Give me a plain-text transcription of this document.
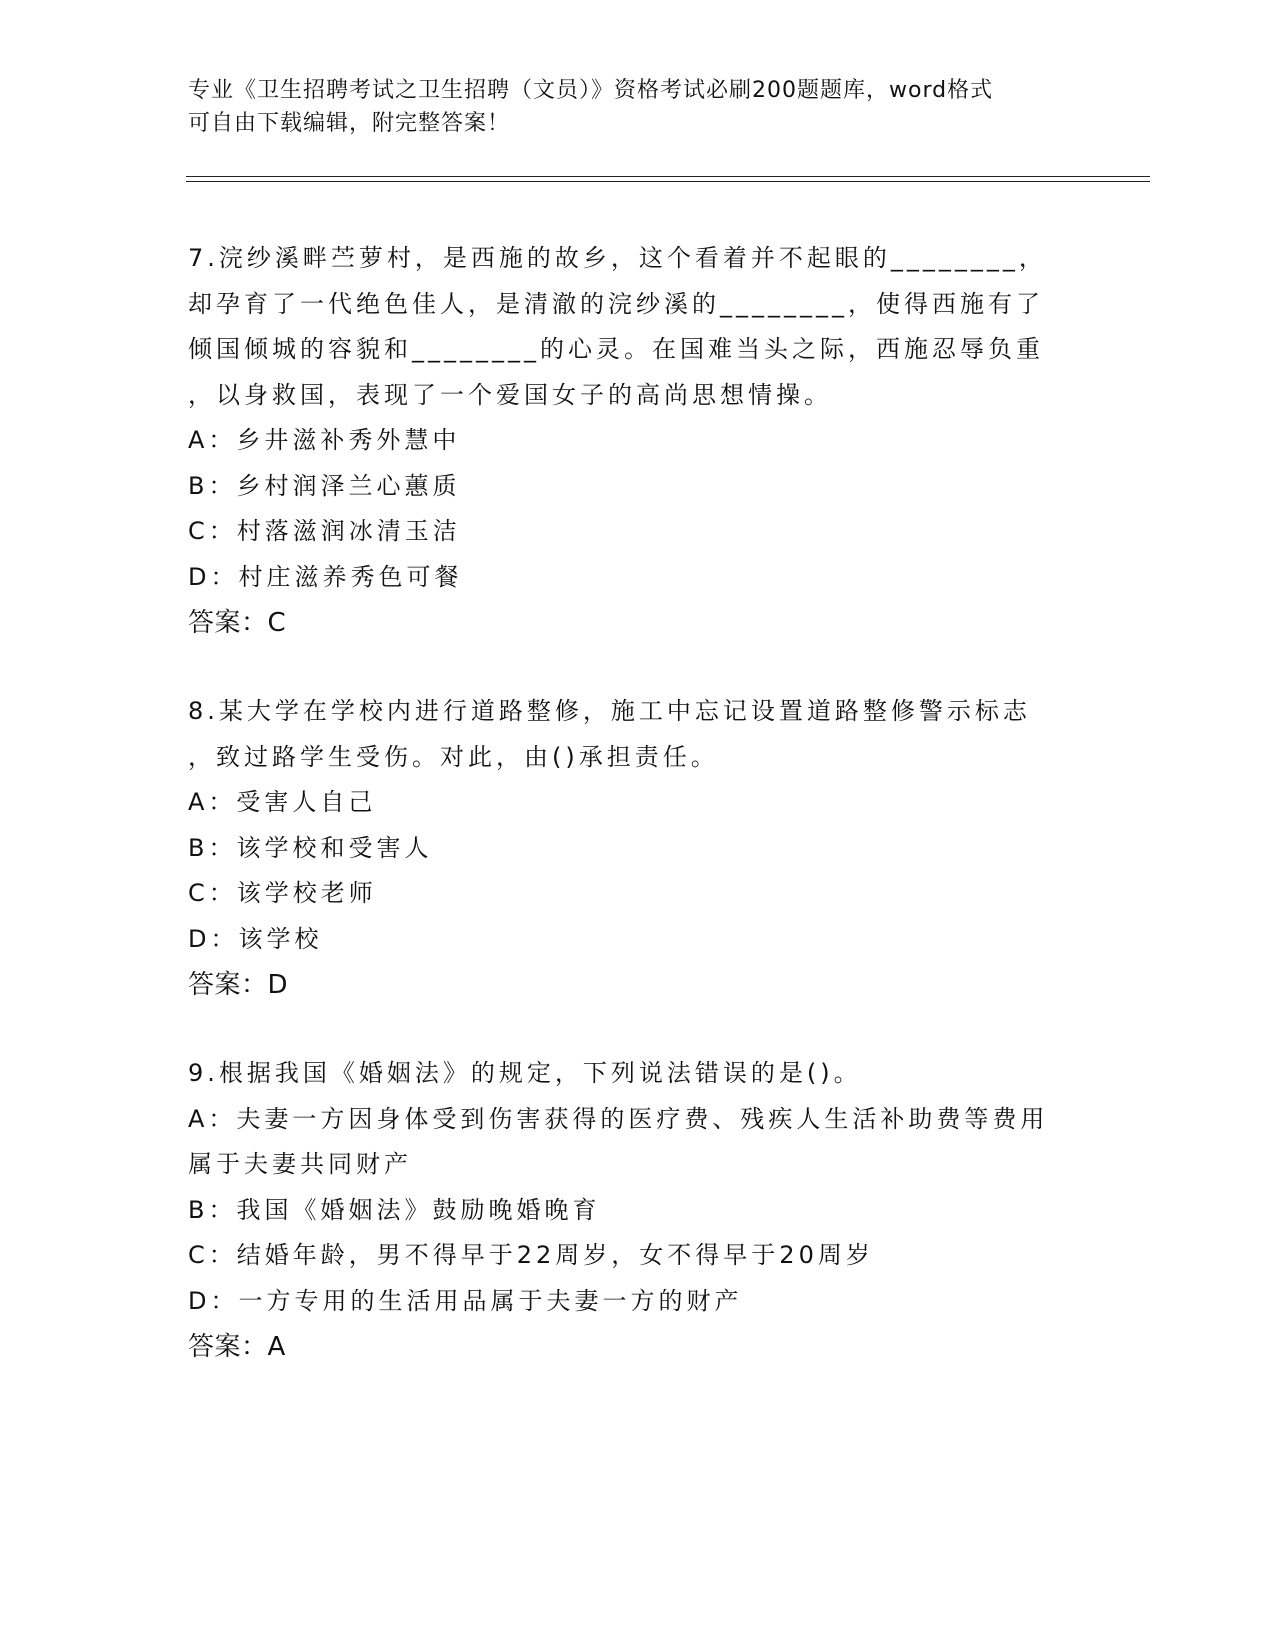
专业《卫生招聘考试之卫生招聘（文员）》资格考试必刷200题题库，word格式
可自由下载编辑，附完整答案！
7.浣纱溪畔苎萝村，是西施的故乡，这个看着并不起眼的________，
却孕育了一代绝色佳人，是清澈的浣纱溪的________，使得西施有了
倾国倾城的容貌和________的心灵。在国难当头之际，西施忍辱负重
，以身救国，表现了一个爱国女子的高尚思想情操。
A：乡井滋补秀外慧中
B：乡村润泽兰心蕙质
C：村落滋润冰清玉洁
D：村庄滋养秀色可餐
答案：C
8.某大学在学校内进行道路整修，施工中忘记设置道路整修警示标志
，致过路学生受伤。对此，由()承担责任。
A：受害人自己
B：该学校和受害人
C：该学校老师
D：该学校
答案：D
9.根据我国《婚姻法》的规定，下列说法错误的是()。
A：夫妻一方因身体受到伤害获得的医疗费、残疾人生活补助费等费用
属于夫妻共同财产
B：我国《婚姻法》鼓励晚婚晚育
C：结婚年龄，男不得早于22周岁，女不得早于20周岁
D：一方专用的生活用品属于夫妻一方的财产
答案：A
